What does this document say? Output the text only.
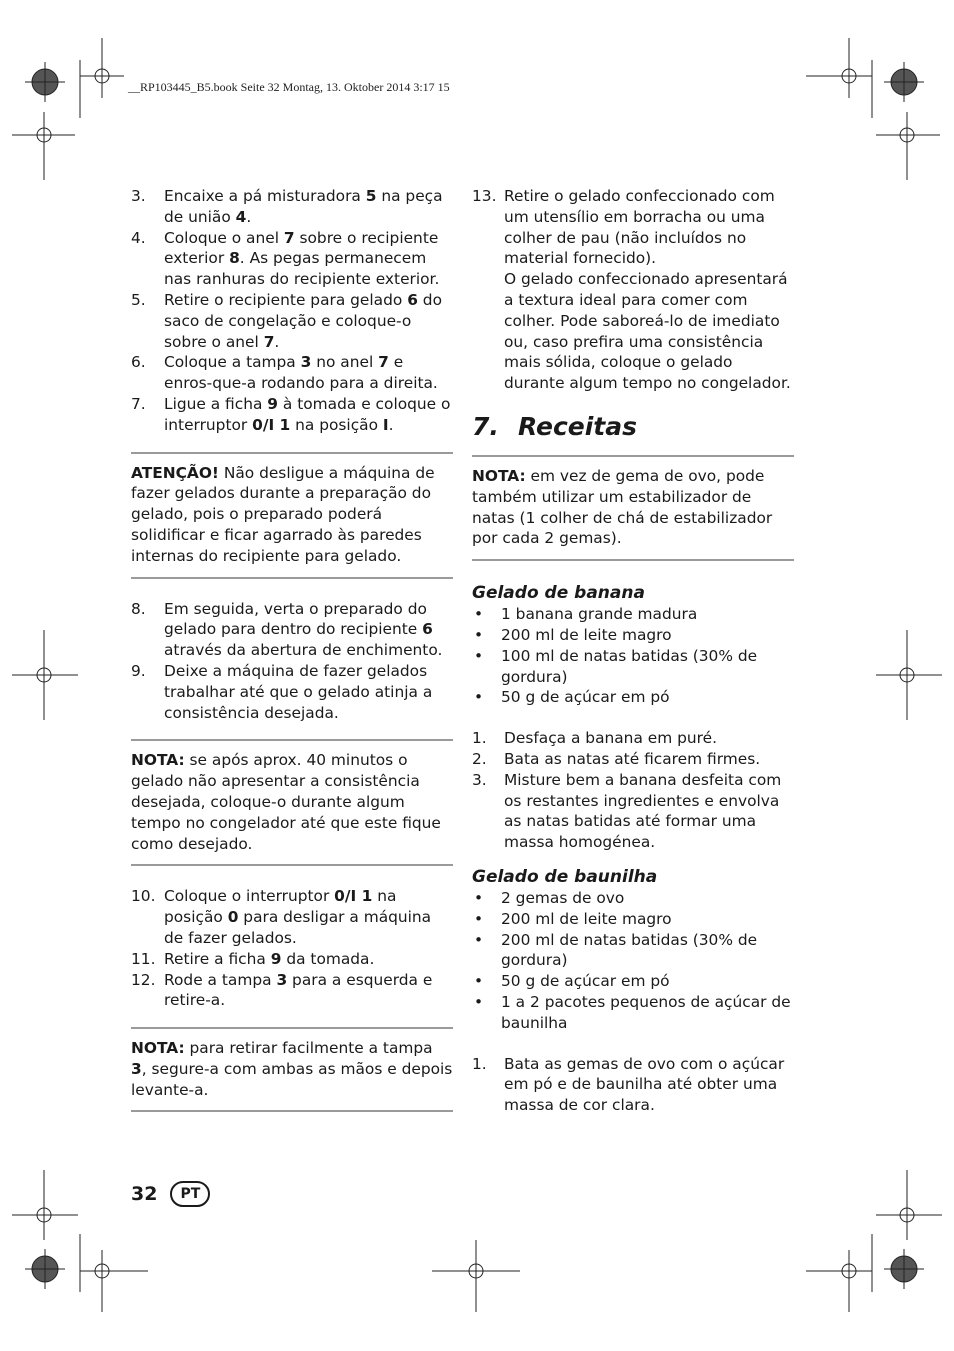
__RP103445_B5.book Seite 32 Montag, 13. Oktober 2014 3:17 15
3.	Encaixe a pá misturadora 5 na peça de união 4.
4.	Coloque o anel 7 sobre o recipiente exterior 8. As pegas permanecem nas ranhuras do recipiente exterior.
5.	Retire o recipiente para gelado 6 do saco de congelação e coloque-o sobre o anel 7.
6.	Coloque a tampa 3 no anel 7 e enros-que-a rodando para a direita.
7.	Ligue a ficha 9 à tomada e coloque o interruptor 0/I 1 na posição I.
ATENÇÃO! Não desligue a máquina de fazer gelados durante a preparação do gelado, pois o preparado poderá solidificar e ficar agarrado às paredes internas do recipiente para gelado.
8.	Em seguida, verta o preparado do gelado para dentro do recipiente 6 através da abertura de enchimento.
9.	Deixe a máquina de fazer gelados trabalhar até que o gelado atinja a consistência desejada.
NOTA: se após aprox. 40 minutos o gelado não apresentar a consistência desejada, coloque-o durante algum tempo no congelador até que este fique como desejado.
10. Coloque o interruptor 0/I 1 na posição 0 para desligar a máquina de fazer gelados.
11. Retire a ficha 9 da tomada.
12. Rode a tampa 3 para a esquerda e retire-a.
NOTA: para retirar facilmente a tampa 3, segure-a com ambas as mãos e depois levante-a.
13. Retire o gelado confeccionado com um utensílio em borracha ou uma colher de pau (não incluídos no material fornecido).
O gelado confeccionado apresentará a textura ideal para comer com colher. Pode saboreá-lo de imediato ou, caso prefira uma consistência mais sólida, coloque o gelado durante algum tempo no congelador.
7. Receitas
NOTA: em vez de gema de ovo, pode também utilizar um estabilizador de natas (1 colher de chá de estabilizador por cada 2 gemas).
Gelado de banana
•	1 banana grande madura
•	200 ml de leite magro
•	100 ml de natas batidas (30% de gordura)
•	50 g de açúcar em pó
1.	Desfaça a banana em puré.
2.	Bata as natas até ficarem firmes.
3.	Misture bem a banana desfeita com os restantes ingredientes e envolva as natas batidas até formar uma massa homogénea.
Gelado de baunilha
•	2 gemas de ovo
•	200 ml de leite magro
•	200 ml de natas batidas (30% de gordura)
•	50 g de açúcar em pó
•	1 a 2 pacotes pequenos de açúcar de baunilha
1.	Bata as gemas de ovo com o açúcar em pó e de baunilha até obter uma massa de cor clara.
32	PT
